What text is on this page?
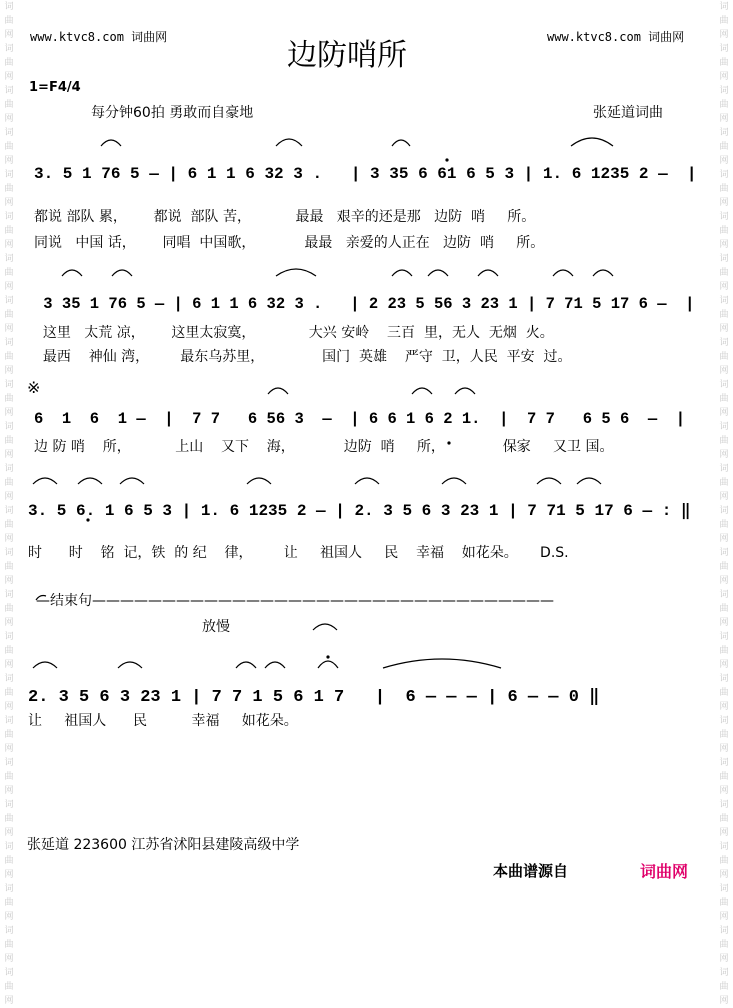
词曲网词曲网词曲网词曲网词曲网词曲网词曲网词曲网词曲网词曲网词曲网词曲网词曲网词曲网词曲网词曲网词曲网词曲网词曲网词曲网词曲网词曲网词曲网词曲网
词曲网词曲网词曲网词曲网词曲网词曲网词曲网词曲网词曲网词曲网词曲网词曲网词曲网词曲网词曲网词曲网词曲网词曲网词曲网词曲网词曲网词曲网词曲网词曲网
www.ktvc8.com 词曲网	www.ktvc8.com 词曲网
边防哨所
1=F4/4
每分钟60拍 勇敢而自豪地	张延道词曲
3. 5 1 76 5 — | 6 1 1 6 32 3 .   | 3 35 6 61 6 5 3 | 1. 6 1235 2 —  |
都说 部队 累，      都说  部队 苦，          最最   艰辛的还是那   边防  哨     所。
同说   中国 话，      同唱  中国歌，           最最   亲爱的人正在   边防  哨     所。
3 35 1 76 5 — | 6 1 1 6 32 3 .   | 2 23 5 56 3 23 1 | 7 71 5 17 6 —  |
这里   太荒 凉，      这里太寂寞，            大兴 安岭    三百  里，无人  无烟  火。
最西    神仙 湾，       最东乌苏里，             国门  英雄    严守  卫，人民  平安  过。
※
6  1  6  1 —  |  7 7   6 56 3  —  | 6 6 1 6 2 1.  |  7 7   6 5 6  —  |
边 防 哨    所，          上山    又下    海，           边防  哨     所，             保家     又卫 国。
3. 5 6. 1 6 5 3 | 1. 6 1235 2 — | 2. 3 5 6 3 23 1 | 7 71 5 17 6 — : ‖
时      时    铭  记，铁  的 纪    律，       让     祖国人     民    幸福    如花朵。     D.S.
—结束句—————————————————————————————————
放慢
2. 3 5 6 3 23 1 | 7 7 1 5 6 1 7   |  6 — — — | 6 — — 0 ‖
让     祖国人      民          幸福     如花朵。
张延道 223600 江苏省沭阳县建陵高级中学
本曲谱源自	词曲网
